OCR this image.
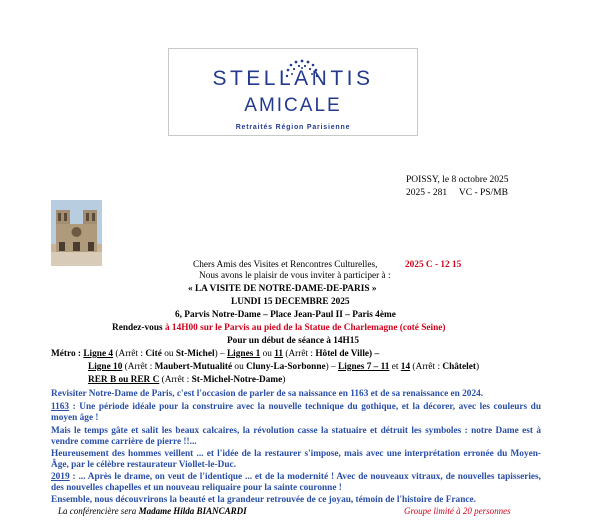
STELLANTIS
AMICALE
Retraités Région Parisienne
POISSY, le 8 octobre 2025
2025 - 281     VC - PS/MB
Chers Amis des Visites et Rencontres Culturelles,	2025 C - 12 15
Nous avons le plaisir de vous inviter à participer à :
« LA VISITE DE NOTRE-DAME-DE-PARIS »
LUNDI 15 DECEMBRE 2025
6, Parvis Notre-Dame – Place Jean-Paul II – Paris 4ème
Rendez-vous à 14H00 sur le Parvis au pied de la Statue de Charlemagne (coté Seine)
Pour un début de séance à 14H15
Métro : Ligne 4 (Arrêt : Cité ou St-Michel) – Lignes 1 ou 11 (Arrêt : Hôtel de Ville) –
Ligne 10 (Arrêt : Maubert-Mutualité ou Cluny-La-Sorbonne) – Lignes 7 – 11 et 14 (Arrêt : Châtelet)
RER B ou RER C (Arrêt : St-Michel-Notre-Dame)
Revisiter Notre-Dame de Paris, c'est l'occasion de parler de sa naissance en 1163 et de sa renaissance en 2024.
1163 : Une période idéale pour la construire avec la nouvelle technique du gothique, et la décorer, avec les couleurs du moyen âge !
Mais le temps gâte et salit les beaux calcaires, la révolution casse la statuaire et détruit les symboles : notre Dame est à vendre comme carrière de pierre !!...
Heureusement des hommes veillent ... et l'idée de la restaurer s'impose, mais avec une interprétation erronée du Moyen-Âge, par le célèbre restaurateur Viollet-le-Duc.
2019 : ... Après le drame, on veut de l'identique ... et de la modernité ! Avec de nouveaux vitraux, de nouvelles tapisseries, des nouvelles chapelles et un nouveau reliquaire pour la sainte couronne !
Ensemble, nous découvrirons la beauté et la grandeur retrouvée de ce joyau, témoin de l'histoire de France.
La conférencière sera Madame Hilda BIANCARDI	Groupe limité à 20 personnes
